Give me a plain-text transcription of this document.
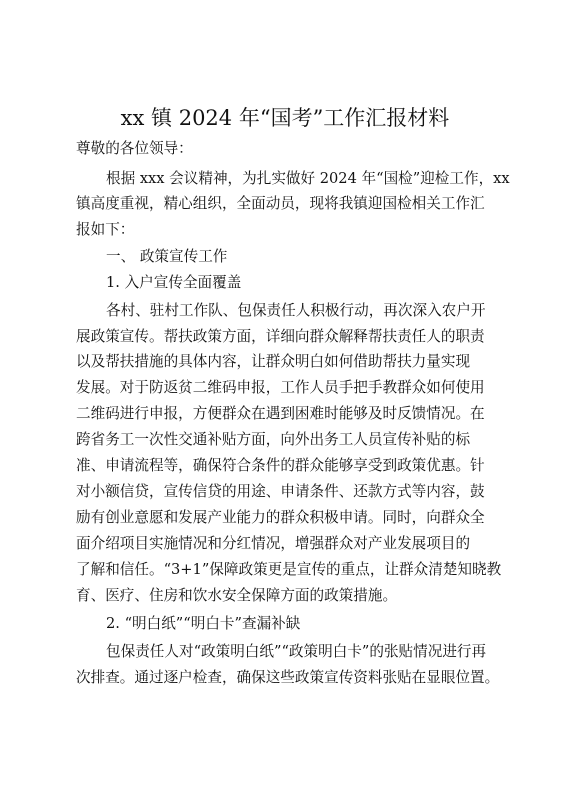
xx 镇 2024 年“国考”工作汇报材料
尊敬的各位领导：
根据 xxx 会议精神，为扎实做好 2024 年“国检”迎检工作，xx
镇高度重视，精心组织，全面动员，现将我镇迎国检相关工作汇
报如下：
一、 政策宣传工作
1. 入户宣传全面覆盖
各村、驻村工作队、包保责任人积极行动，再次深入农户开
展政策宣传。帮扶政策方面，详细向群众解释帮扶责任人的职责
以及帮扶措施的具体内容，让群众明白如何借助帮扶力量实现
发展。对于防返贫二维码申报，工作人员手把手教群众如何使用
二维码进行申报，方便群众在遇到困难时能够及时反馈情况。在
跨省务工一次性交通补贴方面，向外出务工人员宣传补贴的标
准、申请流程等，确保符合条件的群众能够享受到政策优惠。针
对小额信贷，宣传信贷的用途、申请条件、还款方式等内容，鼓
励有创业意愿和发展产业能力的群众积极申请。同时，向群众全
面介绍项目实施情况和分红情况，增强群众对产业发展项目的
了解和信任。“3+1”保障政策更是宣传的重点，让群众清楚知晓教
育、医疗、住房和饮水安全保障方面的政策措施。
2. “明白纸”“明白卡”查漏补缺
包保责任人对“政策明白纸”“政策明白卡”的张贴情况进行再
次排查。通过逐户检查，确保这些政策宣传资料张贴在显眼位置。
